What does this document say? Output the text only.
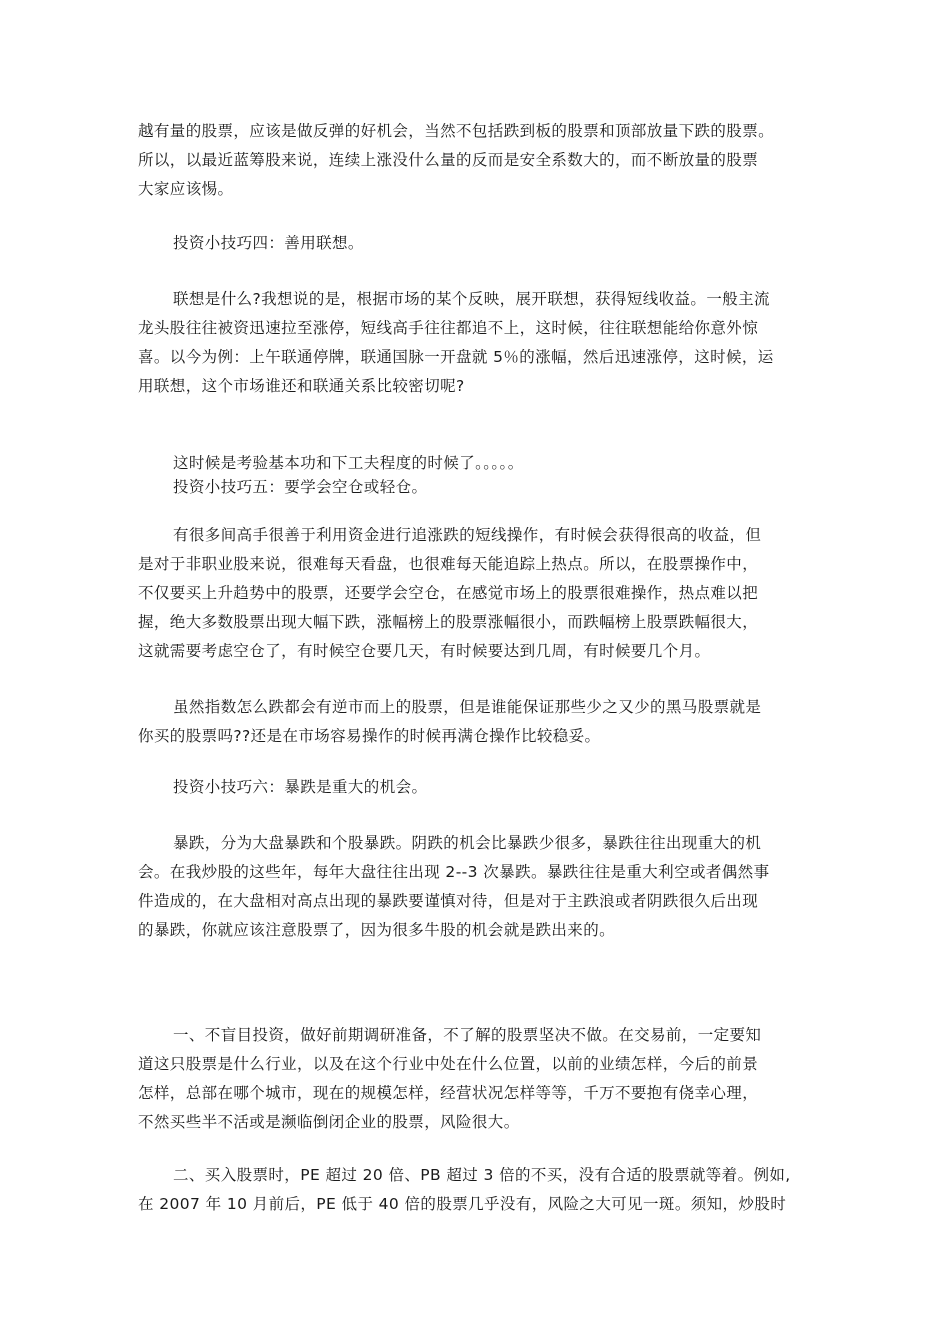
越有量的股票，应该是做反弹的好机会，当然不包括跌到板的股票和顶部放量下跌的股票。
所以，以最近蓝筹股来说，连续上涨没什么量的反而是安全系数大的，而不断放量的股票
大家应该惕。
投资小技巧四：善用联想。
联想是什么?我想说的是，根据市场的某个反映，展开联想，获得短线收益。一般主流
龙头股往往被资迅速拉至涨停，短线高手往往都追不上，这时候，往往联想能给你意外惊
喜。以今为例：上午联通停牌，联通国脉一开盘就 5％的涨幅，然后迅速涨停，这时候，运
用联想，这个市场谁还和联通关系比较密切呢?
这时候是考验基本功和下工夫程度的时候了。。。。。
投资小技巧五：要学会空仓或轻仓。
有很多间高手很善于利用资金进行追涨跌的短线操作，有时候会获得很高的收益，但
是对于非职业股来说，很难每天看盘，也很难每天能追踪上热点。所以，在股票操作中，
不仅要买上升趋势中的股票，还要学会空仓，在感觉市场上的股票很难操作，热点难以把
握，绝大多数股票出现大幅下跌，涨幅榜上的股票涨幅很小，而跌幅榜上股票跌幅很大，
这就需要考虑空仓了，有时候空仓要几天，有时候要达到几周，有时候要几个月。
虽然指数怎么跌都会有逆市而上的股票，但是谁能保证那些少之又少的黑马股票就是
你买的股票吗??还是在市场容易操作的时候再满仓操作比较稳妥。
投资小技巧六：暴跌是重大的机会。
暴跌，分为大盘暴跌和个股暴跌。阴跌的机会比暴跌少很多，暴跌往往出现重大的机
会。在我炒股的这些年，每年大盘往往出现 2--3 次暴跌。暴跌往往是重大利空或者偶然事
件造成的，在大盘相对高点出现的暴跌要谨慎对待，但是对于主跌浪或者阴跌很久后出现
的暴跌，你就应该注意股票了，因为很多牛股的机会就是跌出来的。
一、不盲目投资，做好前期调研准备，不了解的股票坚决不做。在交易前，一定要知
道这只股票是什么行业，以及在这个行业中处在什么位置，以前的业绩怎样，今后的前景
怎样，总部在哪个城市，现在的规模怎样，经营状况怎样等等，千万不要抱有侥幸心理，
不然买些半不活或是濒临倒闭企业的股票，风险很大。
二、买入股票时，PE 超过 20 倍、PB 超过 3 倍的不买，没有合适的股票就等着。例如,
在 2007 年 10 月前后，PE 低于 40 倍的股票几乎没有，风险之大可见一斑。须知，炒股时
